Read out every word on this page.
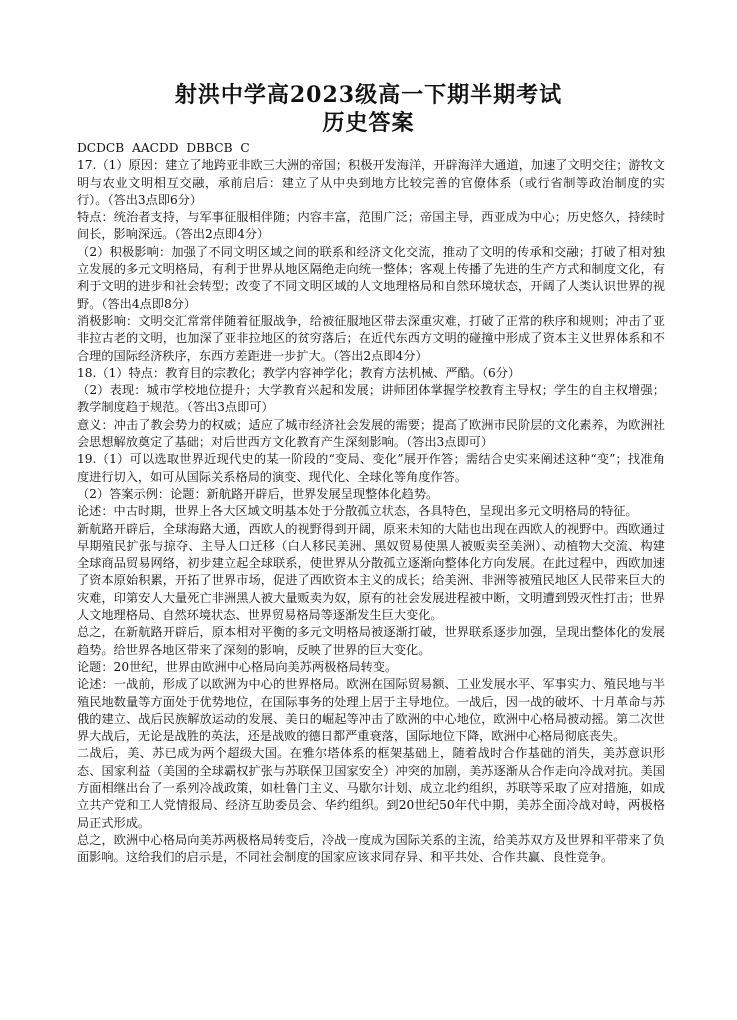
射洪中学高2023级高一下期半期考试
历史答案

DCDCB AACDD DBBCB C

17.（1）原因：建立了地跨亚非欧三大洲的帝国；积极开发海洋，开辟海洋大通道，加速了文明交往；游牧文明与农业文明相互交融，承前启后：建立了从中央到地方比较完善的官僚体系（或行省制等政治制度的实行）。（答出3点即6分）

特点：统治者支持，与军事征服相伴随；内容丰富，范围广泛；帝国主导，西亚成为中心；历史悠久，持续时间长，影响深远。（答出2点即4分）

（2）积极影响：加强了不同文明区域之间的联系和经济文化交流，推动了文明的传承和交融；打破了相对独立发展的多元文明格局，有利于世界从地区隔绝走向统一整体；客观上传播了先进的生产方式和制度文化，有利于文明的进步和社会转型；改变了不同文明区域的人文地理格局和自然环境状态，开阔了人类认识世界的视野。（答出4点即8分）

消极影响：文明交汇常常伴随着征服战争，给被征服地区带去深重灾难，打破了正常的秩序和规则；冲击了亚非拉古老的文明，也加深了亚非拉地区的贫穷落后；在近代东西方文明的碰撞中形成了资本主义世界体系和不合理的国际经济秩序，东西方差距进一步扩大。（答出2点即4分）

18.（1）特点：教育目的宗教化；教学内容神学化；教育方法机械、严酷。（6分）

（2）表现：城市学校地位提升；大学教育兴起和发展；讲师团体掌握学校教育主导权；学生的自主权增强；教学制度趋于规范。（答出3点即可）

意义：冲击了教会势力的权威；适应了城市经济社会发展的需要；提高了欧洲市民阶层的文化素养，为欧洲社会思想解放奠定了基础；对后世西方文化教育产生深刻影响。（答出3点即可）

19.（1）可以选取世界近现代史的某一阶段的“变局、变化”展开作答；需结合史实来阐述这种“变”；找准角度进行切入，如可从国际关系格局的演变、现代化、全球化等角度作答。

（2）答案示例：论题：新航路开辟后，世界发展呈现整体化趋势。

论述：中古时期，世界上各大区域文明基本处于分散孤立状态，各具特色，呈现出多元文明格局的特征。

新航路开辟后，全球海路大通，西欧人的视野得到开阔，原来未知的大陆也出现在西欧人的视野中。西欧通过早期殖民扩张与掠夺、主导人口迁移（白人移民美洲、黑奴贸易使黑人被贩卖至美洲）、动植物大交流、构建全球商品贸易网络，初步建立起全球联系，使世界从分散孤立逐渐向整体化方向发展。在此过程中，西欧加速了资本原始积累，开拓了世界市场，促进了西欧资本主义的成长；给美洲、非洲等被殖民地区人民带来巨大的灾难，印第安人大量死亡非洲黑人被大量贩卖为奴，原有的社会发展进程被中断，文明遭到毁灭性打击；世界人文地理格局、自然环境状态、世界贸易格局等逐渐发生巨大变化。

总之，在新航路开辟后，原本相对平衡的多元文明格局被逐渐打破，世界联系逐步加强，呈现出整体化的发展趋势。给世界各地区带来了深刻的影响，反映了世界的巨大变化。

论题：20世纪，世界由欧洲中心格局向美苏两极格局转变。

论述：一战前，形成了以欧洲为中心的世界格局。欧洲在国际贸易额、工业发展水平、军事实力、殖民地与半殖民地数量等方面处于优势地位，在国际事务的处理上居于主导地位。一战后，因一战的破坏、十月革命与苏俄的建立、战后民族解放运动的发展、美日的崛起等冲击了欧洲的中心地位，欧洲中心格局被动摇。第二次世界大战后，无论是战胜的英法，还是战败的德日都严重衰落，国际地位下降，欧洲中心格局彻底丧失。

二战后，美、苏已成为两个超级大国。在雅尔塔体系的框架基础上，随着战时合作基础的消失，美苏意识形态、国家利益（美国的全球霸权扩张与苏联保卫国家安全）冲突的加剧，美苏逐渐从合作走向冷战对抗。美国方面相继出台了一系列冷战政策，如杜鲁门主义、马歇尔计划、成立北约组织，苏联等采取了应对措施，如成立共产党和工人党情报局、经济互助委员会、华约组织。到20世纪50年代中期，美苏全面冷战对峙，两极格局正式形成。

总之，欧洲中心格局向美苏两极格局转变后，冷战一度成为国际关系的主流，给美苏双方及世界和平带来了负面影响。这给我们的启示是，不同社会制度的国家应该求同存异、和平共处、合作共赢、良性竞争。
